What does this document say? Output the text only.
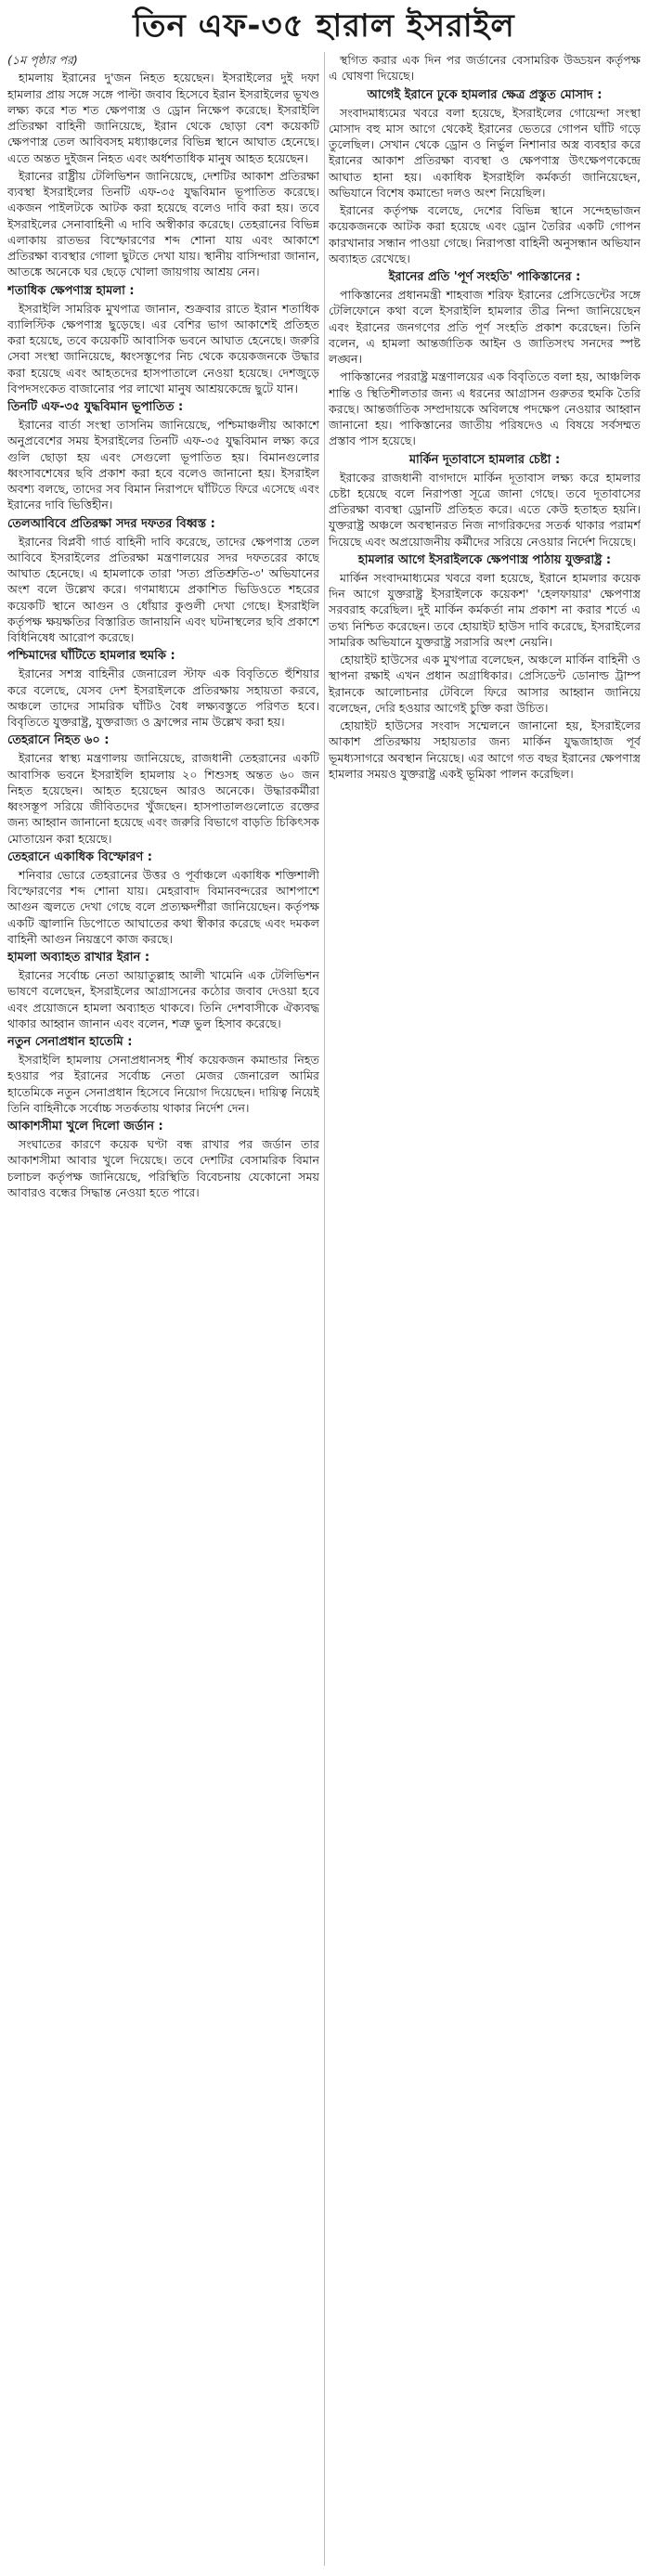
তিন এফ-৩৫ হারাল ইসরাইল
(১ম পৃষ্ঠার পর)
হামলায় ইরানের দু'জন নিহত হয়েছেন। ইসরাইলের দুই দফা হামলার প্রায় সঙ্গে সঙ্গে পাল্টা জবাব হিসেবে ইরান ইসরাইলের ভূখণ্ড লক্ষ্য করে শত শত ক্ষেপণাস্ত্র ও ড্রোন নিক্ষেপ করেছে। ইসরাইলি প্রতিরক্ষা বাহিনী জানিয়েছে, ইরান থেকে ছোড়া বেশ কয়েকটি ক্ষেপণাস্ত্র তেল আবিবসহ মধ্যাঞ্চলের বিভিন্ন স্থানে আঘাত হেনেছে। এতে অন্তত দুইজন নিহত এবং অর্ধশতাধিক মানুষ আহত হয়েছেন।
ইরানের রাষ্ট্রীয় টেলিভিশন জানিয়েছে, দেশটির আকাশ প্রতিরক্ষা ব্যবস্থা ইসরাইলের তিনটি এফ-৩৫ যুদ্ধবিমান ভূপাতিত করেছে। একজন পাইলটকে আটক করা হয়েছে বলেও দাবি করা হয়। তবে ইসরাইলের সেনাবাহিনী এ দাবি অস্বীকার করেছে। তেহরানের বিভিন্ন এলাকায় রাতভর বিস্ফোরণের শব্দ শোনা যায় এবং আকাশে প্রতিরক্ষা ব্যবস্থার গোলা ছুটতে দেখা যায়। স্থানীয় বাসিন্দারা জানান, আতঙ্কে অনেকে ঘর ছেড়ে খোলা জায়গায় আশ্রয় নেন।
শতাধিক ক্ষেপণাস্ত্র হামলা :
ইসরাইলি সামরিক মুখপাত্র জানান, শুক্রবার রাতে ইরান শতাধিক ব্যালিস্টিক ক্ষেপণাস্ত্র ছুড়েছে। এর বেশির ভাগ আকাশেই প্রতিহত করা হয়েছে, তবে কয়েকটি আবাসিক ভবনে আঘাত হেনেছে। জরুরি সেবা সংস্থা জানিয়েছে, ধ্বংসস্তূপের নিচ থেকে কয়েকজনকে উদ্ধার করা হয়েছে এবং আহতদের হাসপাতালে নেওয়া হয়েছে। দেশজুড়ে বিপদসংকেত বাজানোর পর লাখো মানুষ আশ্রয়কেন্দ্রে ছুটে যান।
তিনটি এফ-৩৫ যুদ্ধবিমান ভূপাতিত :
ইরানের বার্তা সংস্থা তাসনিম জানিয়েছে, পশ্চিমাঞ্চলীয় আকাশে অনুপ্রবেশের সময় ইসরাইলের তিনটি এফ-৩৫ যুদ্ধবিমান লক্ষ্য করে গুলি ছোড়া হয় এবং সেগুলো ভূপাতিত হয়। বিমানগুলোর ধ্বংসাবশেষের ছবি প্রকাশ করা হবে বলেও জানানো হয়। ইসরাইল অবশ্য বলছে, তাদের সব বিমান নিরাপদে ঘাঁটিতে ফিরে এসেছে এবং ইরানের দাবি ভিত্তিহীন।
তেলআবিবে প্রতিরক্ষা সদর দফতর বিধ্বস্ত :
ইরানের বিপ্লবী গার্ড বাহিনী দাবি করেছে, তাদের ক্ষেপণাস্ত্র তেল আবিবে ইসরাইলের প্রতিরক্ষা মন্ত্রণালয়ের সদর দফতরের কাছে আঘাত হেনেছে। এ হামলাকে তারা 'সত্য প্রতিশ্রুতি-৩' অভিযানের অংশ বলে উল্লেখ করে। গণমাধ্যমে প্রকাশিত ভিডিওতে শহরের কয়েকটি স্থানে আগুন ও ধোঁয়ার কুণ্ডলী দেখা গেছে। ইসরাইলি কর্তৃপক্ষ ক্ষয়ক্ষতির বিস্তারিত জানায়নি এবং ঘটনাস্থলের ছবি প্রকাশে বিধিনিষেধ আরোপ করেছে।
পশ্চিমাদের ঘাঁটিতে হামলার হুমকি :
ইরানের সশস্ত্র বাহিনীর জেনারেল স্টাফ এক বিবৃতিতে হুঁশিয়ার করে বলেছে, যেসব দেশ ইসরাইলকে প্রতিরক্ষায় সহায়তা করবে, অঞ্চলে তাদের সামরিক ঘাঁটিও বৈধ লক্ষ্যবস্তুতে পরিণত হবে। বিবৃতিতে যুক্তরাষ্ট্র, যুক্তরাজ্য ও ফ্রান্সের নাম উল্লেখ করা হয়।
তেহরানে নিহত ৬০ :
ইরানের স্বাস্থ্য মন্ত্রণালয় জানিয়েছে, রাজধানী তেহরানের একটি আবাসিক ভবনে ইসরাইলি হামলায় ২০ শিশুসহ অন্তত ৬০ জন নিহত হয়েছেন। আহত হয়েছেন আরও অনেকে। উদ্ধারকর্মীরা ধ্বংসস্তূপ সরিয়ে জীবিতদের খুঁজছেন। হাসপাতালগুলোতে রক্তের জন্য আহ্বান জানানো হয়েছে এবং জরুরি বিভাগে বাড়তি চিকিৎসক মোতায়েন করা হয়েছে।
তেহরানে একাধিক বিস্ফোরণ :
শনিবার ভোরে তেহরানের উত্তর ও পূর্বাঞ্চলে একাধিক শক্তিশালী বিস্ফোরণের শব্দ শোনা যায়। মেহরাবাদ বিমানবন্দরের আশপাশে আগুন জ্বলতে দেখা গেছে বলে প্রত্যক্ষদর্শীরা জানিয়েছেন। কর্তৃপক্ষ একটি জ্বালানি ডিপোতে আঘাতের কথা স্বীকার করেছে এবং দমকল বাহিনী আগুন নিয়ন্ত্রণে কাজ করছে।
হামলা অব্যাহত রাখার ইরান :
ইরানের সর্বোচ্চ নেতা আয়াতুল্লাহ আলী খামেনি এক টেলিভিশন ভাষণে বলেছেন, ইসরাইলের আগ্রাসনের কঠোর জবাব দেওয়া হবে এবং প্রয়োজনে হামলা অব্যাহত থাকবে। তিনি দেশবাসীকে ঐক্যবদ্ধ থাকার আহ্বান জানান এবং বলেন, শত্রু ভুল হিসাব করেছে।
নতুন সেনাপ্রধান হাতেমি :
ইসরাইলি হামলায় সেনাপ্রধানসহ শীর্ষ কয়েকজন কমান্ডার নিহত হওয়ার পর ইরানের সর্বোচ্চ নেতা মেজর জেনারেল আমির হাতেমিকে নতুন সেনাপ্রধান হিসেবে নিয়োগ দিয়েছেন। দায়িত্ব নিয়েই তিনি বাহিনীকে সর্বোচ্চ সতর্কতায় থাকার নির্দেশ দেন।
আকাশসীমা খুলে দিলো জর্ডান :
সংঘাতের কারণে কয়েক ঘণ্টা বন্ধ রাখার পর জর্ডান তার আকাশসীমা আবার খুলে দিয়েছে। তবে দেশটির বেসামরিক বিমান চলাচল কর্তৃপক্ষ জানিয়েছে, পরিস্থিতি বিবেচনায় যেকোনো সময় আবারও বন্ধের সিদ্ধান্ত নেওয়া হতে পারে।
স্থগিত করার এক দিন পর জর্ডানের বেসামরিক উড্ডয়ন কর্তৃপক্ষ এ ঘোষণা দিয়েছে।
আগেই ইরানে ঢুকে হামলার ক্ষেত্র প্রস্তুত মোসাদ :
সংবাদমাধ্যমের খবরে বলা হয়েছে, ইসরাইলের গোয়েন্দা সংস্থা মোসাদ বহু মাস আগে থেকেই ইরানের ভেতরে গোপন ঘাঁটি গড়ে তুলেছিল। সেখান থেকে ড্রোন ও নির্ভুল নিশানার অস্ত্র ব্যবহার করে ইরানের আকাশ প্রতিরক্ষা ব্যবস্থা ও ক্ষেপণাস্ত্র উৎক্ষেপণকেন্দ্রে আঘাত হানা হয়। একাধিক ইসরাইলি কর্মকর্তা জানিয়েছেন, অভিযানে বিশেষ কমান্ডো দলও অংশ নিয়েছিল।
ইরানের কর্তৃপক্ষ বলেছে, দেশের বিভিন্ন স্থানে সন্দেহভাজন কয়েকজনকে আটক করা হয়েছে এবং ড্রোন তৈরির একটি গোপন কারখানার সন্ধান পাওয়া গেছে। নিরাপত্তা বাহিনী অনুসন্ধান অভিযান অব্যাহত রেখেছে।
ইরানের প্রতি 'পূর্ণ সংহতি' পাকিস্তানের :
পাকিস্তানের প্রধানমন্ত্রী শাহবাজ শরিফ ইরানের প্রেসিডেন্টের সঙ্গে টেলিফোনে কথা বলে ইসরাইলি হামলার তীব্র নিন্দা জানিয়েছেন এবং ইরানের জনগণের প্রতি পূর্ণ সংহতি প্রকাশ করেছেন। তিনি বলেন, এ হামলা আন্তর্জাতিক আইন ও জাতিসংঘ সনদের স্পষ্ট লঙ্ঘন।
পাকিস্তানের পররাষ্ট্র মন্ত্রণালয়ের এক বিবৃতিতে বলা হয়, আঞ্চলিক শান্তি ও স্থিতিশীলতার জন্য এ ধরনের আগ্রাসন গুরুতর হুমকি তৈরি করছে। আন্তর্জাতিক সম্প্রদায়কে অবিলম্বে পদক্ষেপ নেওয়ার আহ্বান জানানো হয়। পাকিস্তানের জাতীয় পরিষদেও এ বিষয়ে সর্বসম্মত প্রস্তাব পাস হয়েছে।
মার্কিন দূতাবাসে হামলার চেষ্টা :
ইরাকের রাজধানী বাগদাদে মার্কিন দূতাবাস লক্ষ্য করে হামলার চেষ্টা হয়েছে বলে নিরাপত্তা সূত্রে জানা গেছে। তবে দূতাবাসের প্রতিরক্ষা ব্যবস্থা ড্রোনটি প্রতিহত করে। এতে কেউ হতাহত হয়নি। যুক্তরাষ্ট্র অঞ্চলে অবস্থানরত নিজ নাগরিকদের সতর্ক থাকার পরামর্শ দিয়েছে এবং অপ্রয়োজনীয় কর্মীদের সরিয়ে নেওয়ার নির্দেশ দিয়েছে।
হামলার আগে ইসরাইলকে ক্ষেপণাস্ত্র পাঠায় যুক্তরাষ্ট্র :
মার্কিন সংবাদমাধ্যমের খবরে বলা হয়েছে, ইরানে হামলার কয়েক দিন আগে যুক্তরাষ্ট্র ইসরাইলকে কয়েকশ' 'হেলফায়ার' ক্ষেপণাস্ত্র সরবরাহ করেছিল। দুই মার্কিন কর্মকর্তা নাম প্রকাশ না করার শর্তে এ তথ্য নিশ্চিত করেছেন। তবে হোয়াইট হাউস দাবি করেছে, ইসরাইলের সামরিক অভিযানে যুক্তরাষ্ট্র সরাসরি অংশ নেয়নি।
হোয়াইট হাউসের এক মুখপাত্র বলেছেন, অঞ্চলে মার্কিন বাহিনী ও স্থাপনা রক্ষাই এখন প্রধান অগ্রাধিকার। প্রেসিডেন্ট ডোনাল্ড ট্রাম্প ইরানকে আলোচনার টেবিলে ফিরে আসার আহ্বান জানিয়ে বলেছেন, দেরি হওয়ার আগেই চুক্তি করা উচিত।
হোয়াইট হাউসের সংবাদ সম্মেলনে জানানো হয়, ইসরাইলের আকাশ প্রতিরক্ষায় সহায়তার জন্য মার্কিন যুদ্ধজাহাজ পূর্ব ভূমধ্যসাগরে অবস্থান নিয়েছে। এর আগে গত বছর ইরানের ক্ষেপণাস্ত্র হামলার সময়ও যুক্তরাষ্ট্র একই ভূমিকা পালন করেছিল।
